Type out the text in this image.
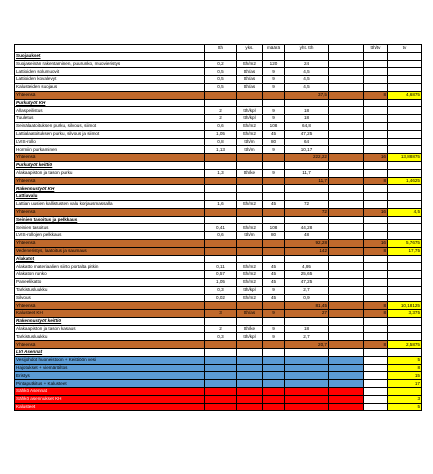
	tth	yks.	määrä	yht. tth		tth/tv	tv
Suojaukset							
Suojaseinän rakentaminen, puurunko, muovieristys	0,2	tth/m2	120	24			
Lattioiden solumuovit	0,5	tth/as	9	4,5			
Lattioiden kovalevyt	0,5	tth/as	9	4,5			
Kalusteiden suojaus	0,5	tth/as	9	4,5			
Yhteensä				37,5		8	4,6875
Purkutyöt KH							
Allaspeilistus	2	tth/kpl	9	18			
Tuuletus	2	tth/kpl	9	18			
Seinälaatoituksen purku, silvous, siimot	0,6	tth/m2	108	64,8			
Lattialaatoituksen purku, silvous ja siimot	1,05	tth/m2	45	47,25			
LVIS-rollo	0,8	tth/m	80	64			
Hormiin purkaminen	1,13	tth/m	9	10,17			
Yhteensä				222,22		16	13,88875
Purkutyöt keittiö							
Alakaapiston ja tason purku	1,3	tth/ke	9	11,7			
Yhteensä				11,7		8	1,4625
Rakennustyöt KH							
Lattiavalu							
Lattian uusien kallistusten valu korjausmassalla	1,6	tth/m2	45	72			
Yhteensä				72		16	4,5
Seinien tasoitus ja pelkkaus							
Seinien tasoitus	0,41	tth/m2	108	44,28			
LVIS-rollojen pelkkaus	0,6	tth/m	80	48			
Yhteensä				92,28		16	5,7675
Vedeneristys, laatoitus ja saumaus				142		8	17,75
Alakatot							
Alakatto materiaalien siirto portalta pitkin	0,11	tth/m2	45	4,95			
Alakaton runko	0,57	tth/m2	45	25,65			
Paneelikatto	1,05	tth/m2	45	47,25			
Tarkistusluukku	0,3	tth/kpl	9	2,7			
Silvous	0,02	tth/m2	45	0,9			
Yhteensä				81,45		8	10,18125
Kalusteet KH	3	tth/as	9	27		8	3,375
Rakennustyöt keittiö							
Alakaapiston ja tason kasaus	2	tth/ke	9	18			
Tarkistusluukku	0,3	tth/kpl	9	2,7			
Yhteensä				20,7		8	2,5875
LVI Asennat							
Vesijohdot huoneistoon + Keittiöön vesi							5
Hajotukset + viemäröiltos							8
Eristys							15
Pintaputkitus + Kalusteet							17
Sähkö Asennat							
Sähkö asennukset KH							3
Kalusteet							5
